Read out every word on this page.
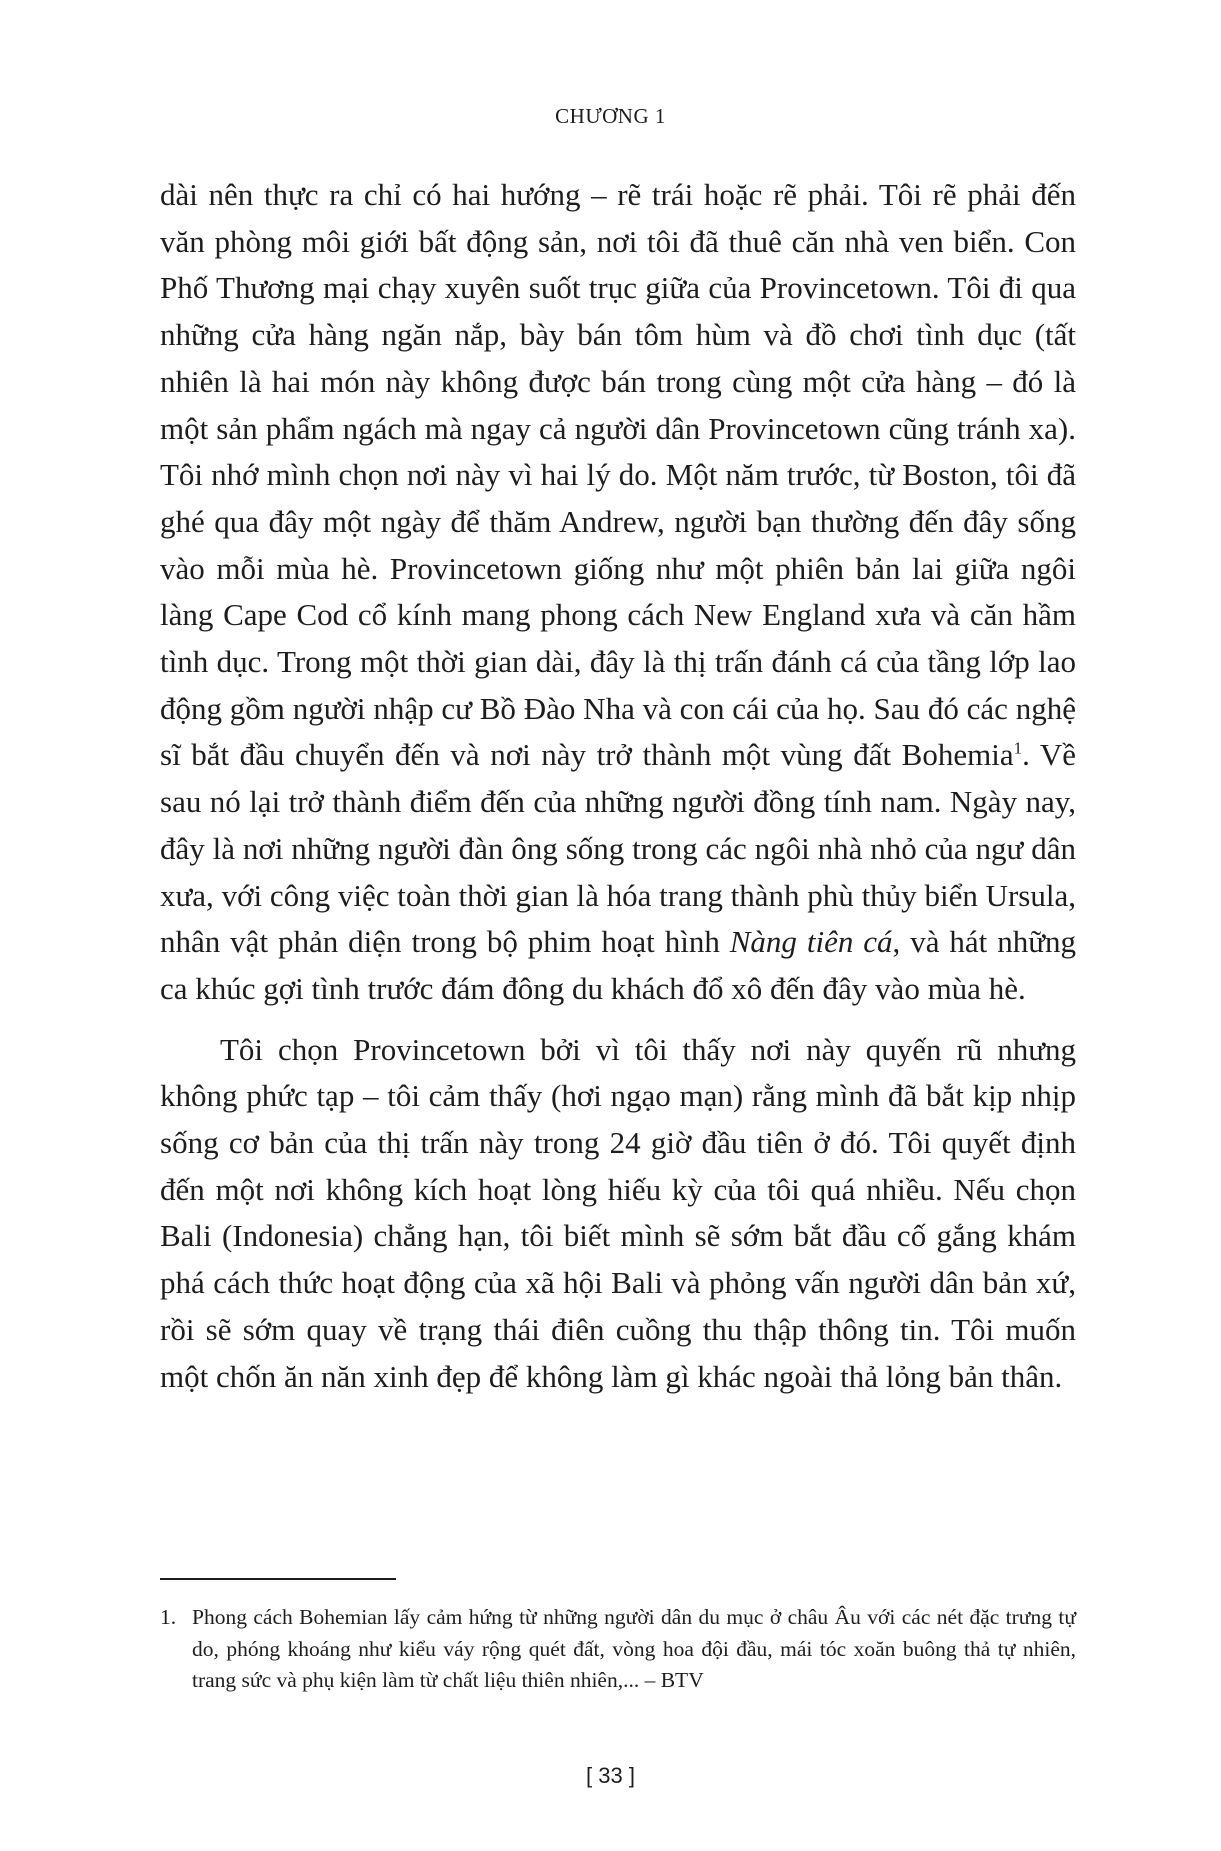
CHƯƠNG 1

dài nên thực ra chỉ có hai hướng – rẽ trái hoặc rẽ phải. Tôi rẽ phải đến văn phòng môi giới bất động sản, nơi tôi đã thuê căn nhà ven biển. Con Phố Thương mại chạy xuyên suốt trục giữa của Provincetown. Tôi đi qua những cửa hàng ngăn nắp, bày bán tôm hùm và đồ chơi tình dục (tất nhiên là hai món này không được bán trong cùng một cửa hàng – đó là một sản phẩm ngách mà ngay cả người dân Provincetown cũng tránh xa). Tôi nhớ mình chọn nơi này vì hai lý do. Một năm trước, từ Boston, tôi đã ghé qua đây một ngày để thăm Andrew, người bạn thường đến đây sống vào mỗi mùa hè. Provincetown giống như một phiên bản lai giữa ngôi làng Cape Cod cổ kính mang phong cách New England xưa và căn hầm tình dục. Trong một thời gian dài, đây là thị trấn đánh cá của tầng lớp lao động gồm người nhập cư Bồ Đào Nha và con cái của họ. Sau đó các nghệ sĩ bắt đầu chuyển đến và nơi này trở thành một vùng đất Bohemia$^1$. Về sau nó lại trở thành điểm đến của những người đồng tính nam. Ngày nay, đây là nơi những người đàn ông sống trong các ngôi nhà nhỏ của ngư dân xưa, với công việc toàn thời gian là hóa trang thành phù thủy biển Ursula, nhân vật phản diện trong bộ phim hoạt hình Nàng tiên cá, và hát những ca khúc gợi tình trước đám đông du khách đổ xô đến đây vào mùa hè.

Tôi chọn Provincetown bởi vì tôi thấy nơi này quyến rũ nhưng không phức tạp – tôi cảm thấy (hơi ngạo mạn) rằng mình đã bắt kịp nhịp sống cơ bản của thị trấn này trong 24 giờ đầu tiên ở đó. Tôi quyết định đến một nơi không kích hoạt lòng hiếu kỳ của tôi quá nhiều. Nếu chọn Bali (Indonesia) chẳng hạn, tôi biết mình sẽ sớm bắt đầu cố gắng khám phá cách thức hoạt động của xã hội Bali và phỏng vấn người dân bản xứ, rồi sẽ sớm quay về trạng thái điên cuồng thu thập thông tin. Tôi muốn một chốn ăn năn xinh đẹp để không làm gì khác ngoài thả lỏng bản thân.

1. Phong cách Bohemian lấy cảm hứng từ những người dân du mục ở châu Âu với các nét đặc trưng tự do, phóng khoáng như kiểu váy rộng quét đất, vòng hoa đội đầu, mái tóc xoăn buông thả tự nhiên, trang sức và phụ kiện làm từ chất liệu thiên nhiên,... – BTV
[ 33 ]
